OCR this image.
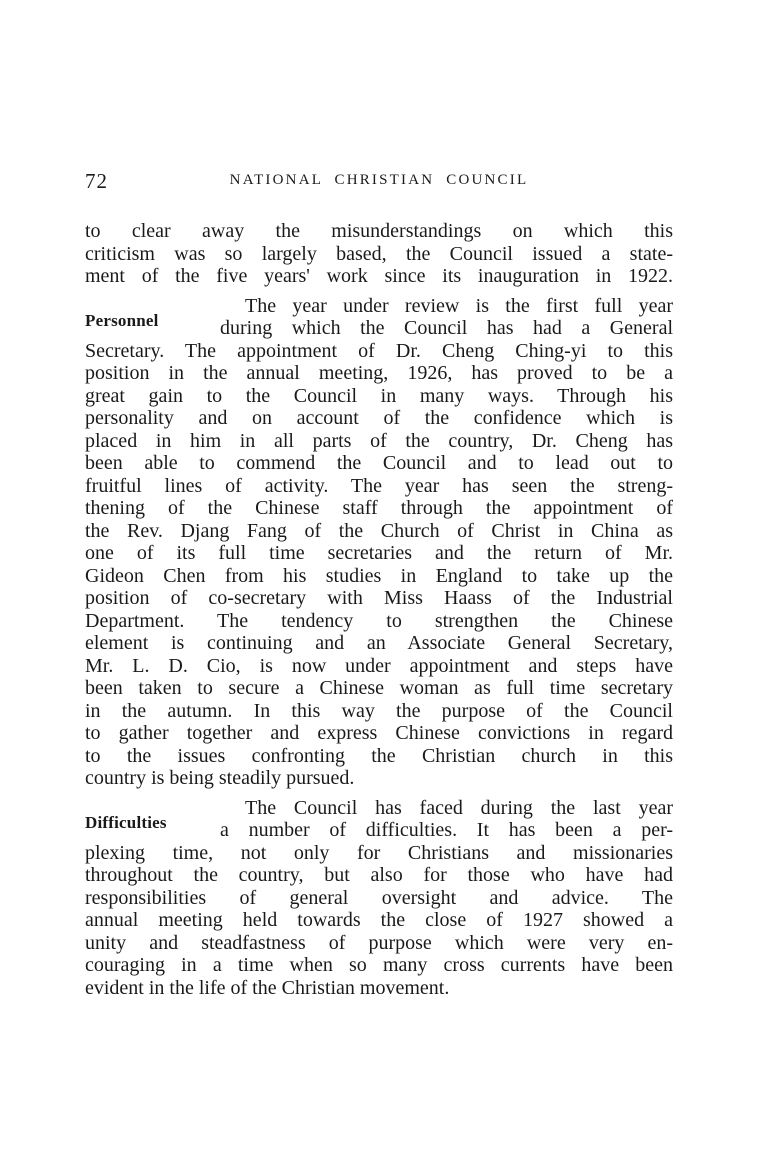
72	NATIONAL CHRISTIAN COUNCIL
to clear away the misunderstandings on which this
criticism was so largely based, the Council issued a state-
ment of the five years' work since its inauguration in 1922.
Personnel
The year under review is the first full year
during which the Council has had a General
Secretary. The appointment of Dr. Cheng Ching-yi to this
position in the annual meeting, 1926, has proved to be a
great gain to the Council in many ways. Through his
personality and on account of the confidence which is
placed in him in all parts of the country, Dr. Cheng has
been able to commend the Council and to lead out to
fruitful lines of activity. The year has seen the streng-
thening of the Chinese staff through the appointment of
the Rev. Djang Fang of the Church of Christ in China as
one of its full time secretaries and the return of Mr.
Gideon Chen from his studies in England to take up the
position of co-secretary with Miss Haass of the Industrial
Department. The tendency to strengthen the Chinese
element is continuing and an Associate General Secretary,
Mr. L. D. Cio, is now under appointment and steps have
been taken to secure a Chinese woman as full time secretary
in the autumn. In this way the purpose of the Council
to gather together and express Chinese convictions in regard
to the issues confronting the Christian church in this
country is being steadily pursued.
Difficulties
The Council has faced during the last year
a number of difficulties. It has been a per-
plexing time, not only for Christians and missionaries
throughout the country, but also for those who have had
responsibilities of general oversight and advice. The
annual meeting held towards the close of 1927 showed a
unity and steadfastness of purpose which were very en-
couraging in a time when so many cross currents have been
evident in the life of the Christian movement.
